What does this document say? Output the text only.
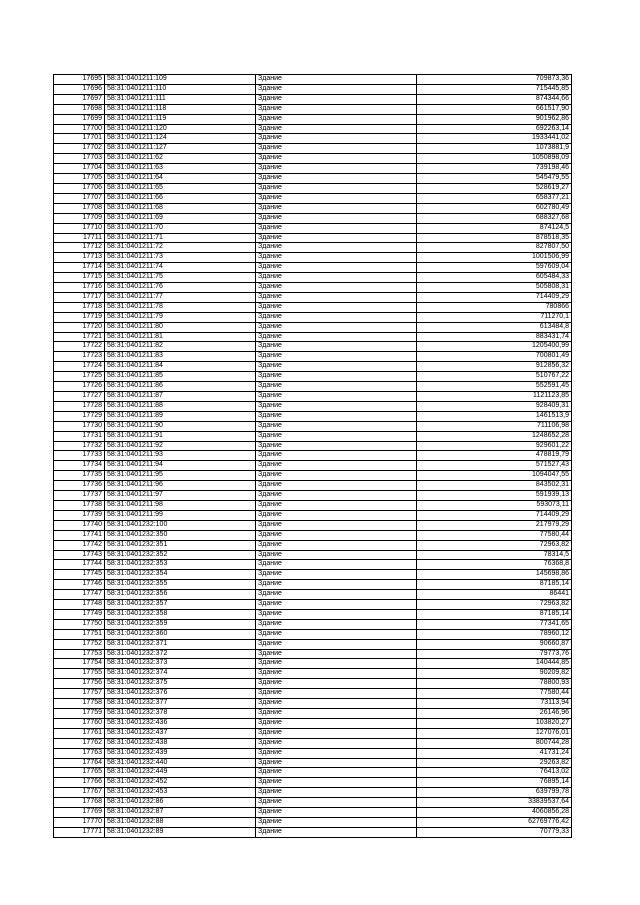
17695	58:31:0401211:109	Здание	709873,36
17696	58:31:0401211:110	Здание	715445,85
17697	58:31:0401211:111	Здание	874344,66
17698	58:31:0401211:118	Здание	661517,90
17699	58:31:0401211:119	Здание	901962,86
17700	58:31:0401211:120	Здание	692263,14
17701	58:31:0401211:124	Здание	1933441,02
17702	58:31:0401211:127	Здание	1073881,9
17703	58:31:0401211:62	Здание	1050898,09
17704	58:31:0401211:63	Здание	739198,46
17705	58:31:0401211:64	Здание	545479,55
17706	58:31:0401211:65	Здание	528619,27
17707	58:31:0401211:66	Здание	658377,21
17708	58:31:0401211:68	Здание	602780,49
17709	58:31:0401211:69	Здание	688327,68
17710	58:31:0401211:70	Здание	874124,5
17711	58:31:0401211:71	Здание	878518,35
17712	58:31:0401211:72	Здание	827807,50
17713	58:31:0401211:73	Здание	1001506,99
17714	58:31:0401211:74	Здание	597609,04
17715	58:31:0401211:75	Здание	605484,33
17716	58:31:0401211:76	Здание	505808,31
17717	58:31:0401211:77	Здание	714409,29
17718	58:31:0401211:78	Здание	780866
17719	58:31:0401211:79	Здание	711270,1
17720	58:31:0401211:80	Здание	613484,8
17721	58:31:0401211:81	Здание	883431,74
17722	58:31:0401211:82	Здание	1205400,99
17723	58:31:0401211:83	Здание	700801,49
17724	58:31:0401211:84	Здание	912856,32
17725	58:31:0401211:85	Здание	510767,22
17726	58:31:0401211:86	Здание	552591,45
17727	58:31:0401211:87	Здание	1121123,85
17728	58:31:0401211:88	Здание	928409,31
17729	58:31:0401211:89	Здание	1461513,9
17730	58:31:0401211:90	Здание	711106,98
17731	58:31:0401211:91	Здание	1248652,28
17732	58:31:0401211:92	Здание	929601,22
17733	58:31:0401211:93	Здание	478819,79
17734	58:31:0401211:94	Здание	571527,43
17735	58:31:0401211:95	Здание	1094047,55
17736	58:31:0401211:96	Здание	843502,31
17737	58:31:0401211:97	Здание	591939,13
17738	58:31:0401211:98	Здание	593073,11
17739	58:31:0401211:99	Здание	714409,29
17740	58:31:0401232:100	Здание	217979,29
17741	58:31:0401232:350	Здание	77580,44
17742	58:31:0401232:351	Здание	72963,82
17743	58:31:0401232:352	Здание	78314,5
17744	58:31:0401232:353	Здание	76368,8
17745	58:31:0401232:354	Здание	145698,86
17746	58:31:0401232:355	Здание	87185,14
17747	58:31:0401232:356	Здание	86441
17748	58:31:0401232:357	Здание	72963,82
17749	58:31:0401232:358	Здание	87185,14
17750	58:31:0401232:359	Здание	77341,65
17751	58:31:0401232:360	Здание	78960,12
17752	58:31:0401232:371	Здание	90660,87
17753	58:31:0401232:372	Здание	79773,76
17754	58:31:0401232:373	Здание	140444,85
17755	58:31:0401232:374	Здание	90209,82
17756	58:31:0401232:375	Здание	78800,93
17757	58:31:0401232:376	Здание	77580,44
17758	58:31:0401232:377	Здание	73113,94
17759	58:31:0401232:378	Здание	26146,96
17760	58:31:0401232:436	Здание	103820,27
17761	58:31:0401232:437	Здание	127076,01
17762	58:31:0401232:438	Здание	800744,28
17763	58:31:0401232:439	Здание	41731,24
17764	58:31:0401232:440	Здание	29263,82
17765	58:31:0401232:449	Здание	76413,02
17766	58:31:0401232:452	Здание	76895,14
17767	58:31:0401232:453	Здание	639799,78
17768	58:31:0401232:86	Здание	33839537,64
17769	58:31:0401232:87	Здание	4060856,28
17770	58:31:0401232:88	Здание	62769776,42
17771	58:31:0401232:89	Здание	70779,33
